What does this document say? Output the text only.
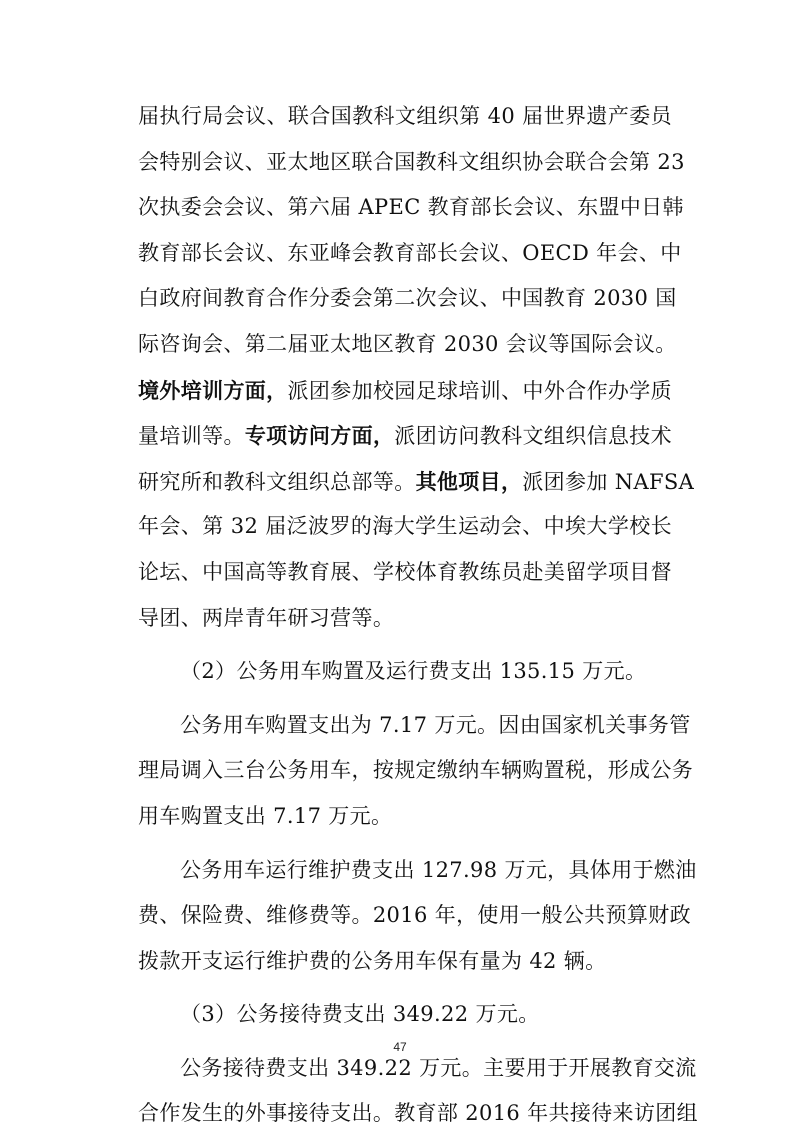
届执行局会议、联合国教科文组织第 40 届世界遗产委员
会特别会议、亚太地区联合国教科文组织协会联合会第 23
次执委会会议、第六届 APEC 教育部长会议、东盟中日韩
教育部长会议、东亚峰会教育部长会议、OECD 年会、中
白政府间教育合作分委会第二次会议、中国教育 2030 国
际咨询会、第二届亚太地区教育 2030 会议等国际会议。
境外培训方面，派团参加校园足球培训、中外合作办学质
量培训等。专项访问方面，派团访问教科文组织信息技术
研究所和教科文组织总部等。其他项目，派团参加 NAFSA
年会、第 32 届泛波罗的海大学生运动会、中埃大学校长
论坛、中国高等教育展、学校体育教练员赴美留学项目督
导团、两岸青年研习营等。
（2）公务用车购置及运行费支出 135.15 万元。
公务用车购置支出为 7.17 万元。因由国家机关事务管
理局调入三台公务用车，按规定缴纳车辆购置税，形成公务
用车购置支出 7.17 万元。
公务用车运行维护费支出 127.98 万元，具体用于燃油
费、保险费、维修费等。2016 年，使用一般公共预算财政
拨款开支运行维护费的公务用车保有量为 42 辆。
（3）公务接待费支出 349.22 万元。
公务接待费支出 349.22 万元。主要用于开展教育交流
合作发生的外事接待支出。教育部 2016 年共接待来访团组
47
